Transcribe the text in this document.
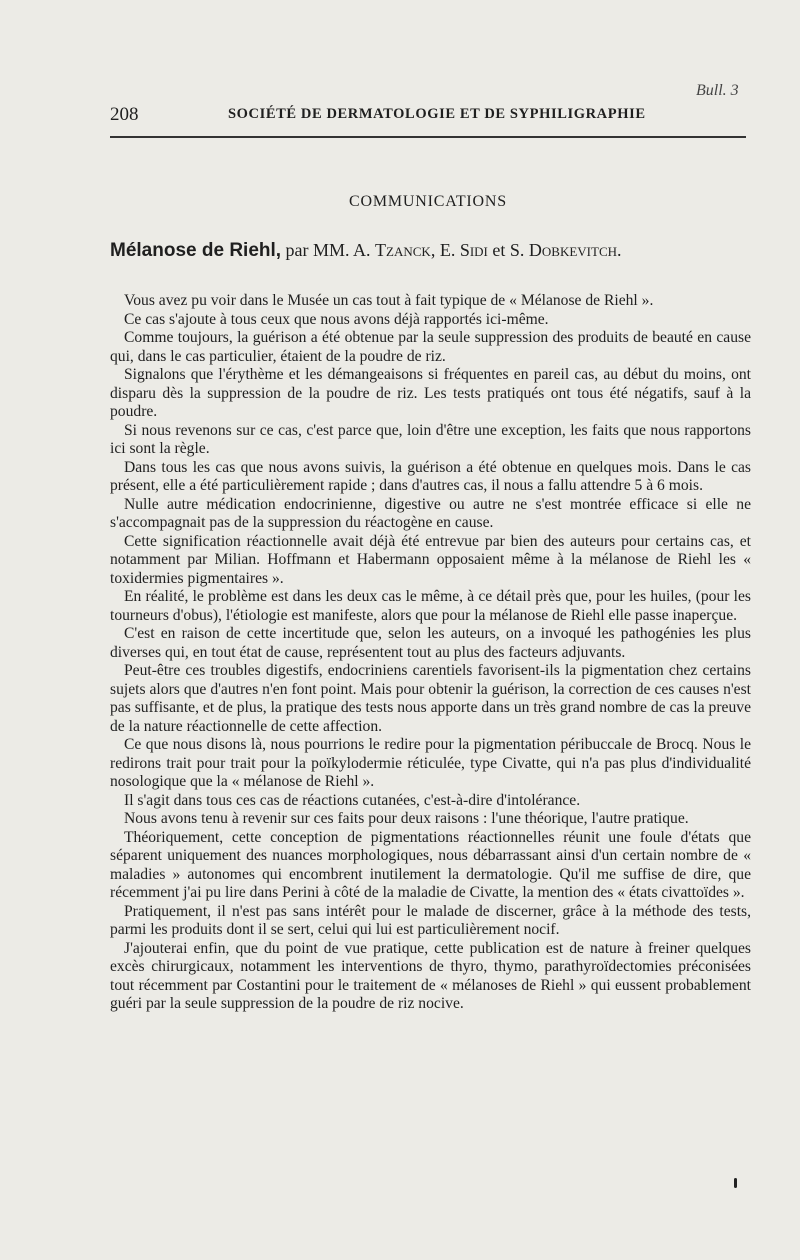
Bull. 3
208	SOCIÉTÉ DE DERMATOLOGIE ET DE SYPHILIGRAPHIE
COMMUNICATIONS
Mélanose de Riehl, par MM. A. Tzanck, E. Sidi et S. Dobkevitch.

Vous avez pu voir dans le Musée un cas tout à fait typique de « Mélanose de Riehl ».

Ce cas s'ajoute à tous ceux que nous avons déjà rapportés ici-même.

Comme toujours, la guérison a été obtenue par la seule suppression des produits de beauté en cause qui, dans le cas particulier, étaient de la poudre de riz.

Signalons que l'érythème et les démangeaisons si fréquentes en pareil cas, au début du moins, ont disparu dès la suppression de la poudre de riz. Les tests pratiqués ont tous été négatifs, sauf à la poudre.

Si nous revenons sur ce cas, c'est parce que, loin d'être une exception, les faits que nous rapportons ici sont la règle.

Dans tous les cas que nous avons suivis, la guérison a été obtenue en quelques mois. Dans le cas présent, elle a été particulièrement rapide ; dans d'autres cas, il nous a fallu attendre 5 à 6 mois.

Nulle autre médication endocrinienne, digestive ou autre ne s'est montrée efficace si elle ne s'accompagnait pas de la suppression du réactogène en cause.

Cette signification réactionnelle avait déjà été entrevue par bien des auteurs pour certains cas, et notamment par Milian. Hoffmann et Habermann opposaient même à la mélanose de Riehl les « toxidermies pigmentaires ».

En réalité, le problème est dans les deux cas le même, à ce détail près que, pour les huiles, (pour les tourneurs d'obus), l'étiologie est manifeste, alors que pour la mélanose de Riehl elle passe inaperçue.

C'est en raison de cette incertitude que, selon les auteurs, on a invoqué les pathogénies les plus diverses qui, en tout état de cause, représentent tout au plus des facteurs adjuvants.

Peut-être ces troubles digestifs, endocriniens carentiels favorisent-ils la pigmentation chez certains sujets alors que d'autres n'en font point. Mais pour obtenir la guérison, la correction de ces causes n'est pas suffisante, et de plus, la pratique des tests nous apporte dans un très grand nombre de cas la preuve de la nature réactionnelle de cette affection.

Ce que nous disons là, nous pourrions le redire pour la pigmentation péribuccale de Brocq. Nous le redirons trait pour trait pour la poïkylodermie réticulée, type Civatte, qui n'a pas plus d'individualité nosologique que la « mélanose de Riehl ».

Il s'agit dans tous ces cas de réactions cutanées, c'est-à-dire d'intolérance.

Nous avons tenu à revenir sur ces faits pour deux raisons : l'une théorique, l'autre pratique.

Théoriquement, cette conception de pigmentations réactionnelles réunit une foule d'états que séparent uniquement des nuances morphologiques, nous débarrassant ainsi d'un certain nombre de « maladies » autonomes qui encombrent inutilement la dermatologie. Qu'il me suffise de dire, que récemment j'ai pu lire dans Perini à côté de la maladie de Civatte, la mention des « états civattoïdes ».

Pratiquement, il n'est pas sans intérêt pour le malade de discerner, grâce à la méthode des tests, parmi les produits dont il se sert, celui qui lui est particulièrement nocif.

J'ajouterai enfin, que du point de vue pratique, cette publication est de nature à freiner quelques excès chirurgicaux, notamment les interventions de thyro, thymo, parathyroïdectomies préconisées tout récemment par Costantini pour le traitement de « mélanoses de Riehl » qui eussent probablement guéri par la seule suppression de la poudre de riz nocive.
